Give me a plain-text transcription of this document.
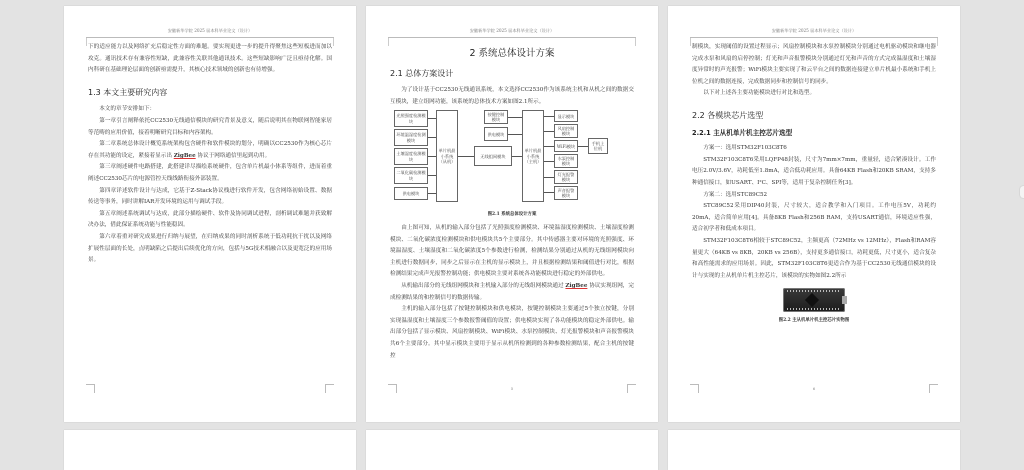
安徽新华学院 2025 届本科毕业论文（设计）

下的适应能力以及网络扩充后稳定性方面的难题。要实现更进一步的提升得聚焦这些短板进而加以攻克。通讯技术存有兼容性短缺，此兼容性关联其他通讯技术。这些短缺影响广泛且亟待化解。国内科研在基础理论层面的创新亟需提升，其核心技术领域的创新也有待增强。

1.3 本文主要研究内容

本文的章节安排如下：

第一章引言阐释依托CC2530无线通信模块的研究背景及意义，随后说明其在物联网智能家居等范畴的应用价值，接着明晰研究目标和内容架构。

第二章系统总体设计概览系统架构包含硬件和软件模块的划分，明确以CC2530作为核心芯片存在其功能的设定，紧接着显示出 ZigBee 协议于网络通信里起到功用。

第三章阐述硬件电路搭建，此搭建详尽描绘系统硬件，包含单片机最小体系等组件，进而着重阐述CC2530芯片的电源管控天线线路衔接外部装置。

第四章详述软件设计与达成，它基于Z-Stack协议栈进行软件开发，包含网络初始设置、数据传送等事务，同时讲解IAR开发环境的运用与调试手段。

第五章阐述系统调试与达成，此部分描绘硬件、软件及协同调试进程，剖析调试难题并获致解决办法，借此保证系统功能与性能稳固。

第六章着重对研究成果进行归纳与展望，在归纳成果的同时剖析系统于低功耗抗干扰以及网络扩展性层面的长处，点明缺陷之后提出后续优化的方向，包括与5G技术相融合以及更宽泛的应用场景。

安徽新华学院 2025 届本科毕业论文（设计）
2 系统总体设计方案
2.1 总体方案设计

为了设计基于CC2530无线通讯系统，本文选择CC2530作为该系统主机和从机之间的数据交互模块，建立组网功能，该系统的总体技术方案如图2.1所示。

光照强度检测模块
环境温湿度检测模块
土壤湿度检测模块
二氧化碳检测模块
供电模块
单片机最小系统（从机）
无线组网模块
按键控制模块
供电模块
单片机最小系统（主机）
显示模块
风扇控制模块
WiFi模块
水泵控制模块
灯光报警模块
声音报警模块
手机上位机
图2.1 系统总体设计方案

由上图可知，从机的输入部分包括了光照强度检测模块、环境温湿度检测模块、土壤湿度检测模块、二氧化碳浓度检测模块和供电模块共5个主要部分。其中传感器主要对环境的光照强度、环境温湿度、土壤湿度和二氧化碳浓度5个参数进行检测，检测结果分别通过从机的无线组网模块向主机进行数据同步，同步之后显示在主机的显示模块上，并且根据检测结果和阈值进行对比，根据检测结果完成声光报警控制功能；供电模块主要对系统各功能模块进行稳定的外部供电。

从机输出部分的无线组网模块和主机输入部分的无线组网模块通过 ZigBee 协议实现组网，完成检测结果的和控制信号的数据传输。

主机的输入部分包括了按键控制模块和供电模块，按键控制模块主要通过5个独立按键，分别实现温湿度和土壤湿度三个参数报警阈值的设置；供电模块实现了各功能模块的稳定外部供电。输出部分包括了显示模块、风扇控制模块、WiFi模块、水泵控制模块、灯光报警模块和声音报警模块共6个主要部分。其中显示模块主要用于显示从机所检测到的各种参数检测结果，配合主机的按键控

5
安徽新华学院 2025 届本科毕业论文（设计）

制模块，实现阈值的设置过程显示；风扇控制模块和水泵控制模块分别通过电机驱动模块和继电器完成水泵和风扇的启停控制；灯光和声音报警模块分别通过灯光和声音的方式完成温湿度和土壤湿度异常时的声光报警；WiFi模块主要实现了和云平台之间的数据连接建立单片机最小系统和手机上位机之间的数据连接，完成数据同步和控制信号的同步。

以下对上述各主要功能模块进行对比和选型。

2.2 各模块芯片选型
2.2.1 主从机单片机主控芯片选型

方案一：选用STM32F103C8T6

STM32F103C8T6采用LQFP48封装，尺寸为7mm×7mm，重量轻，适合紧凑设计。工作电压2.0V/3.6V，功耗低至1.8mA，适合低功耗应用。具备64KB Flash和20KB SRAM，支持多种通信接口，如USART、I²C、SPI等，适用于复杂控制任务[3]。

方案二：选用STC89C52

STC89C52采用DIP40封装，尺寸较大，适合教学和入门项目。工作电压5V，功耗约20mA，适合简单应用[4]。具备8KB Flash和256B RAM，支持USART通信，环境适应性强，适合初学者和低成本项目。

STM32F103C8T6相较于STC89C52，主频更高（72MHz vs 12MHz），Flash和RAM容量更大（64KB vs 8KB，20KB vs 256B），支持更多通信接口，功耗更低，尺寸更小，适合复杂和高性能需求的应用场景。因此，STM32F103C8T6更适合作为基于CC2530无线通信模块的设计与实现的主从机单片机主控芯片，该模块的实物如图2.2所示

图2.2 主从机单片机主控芯片实物图
6
